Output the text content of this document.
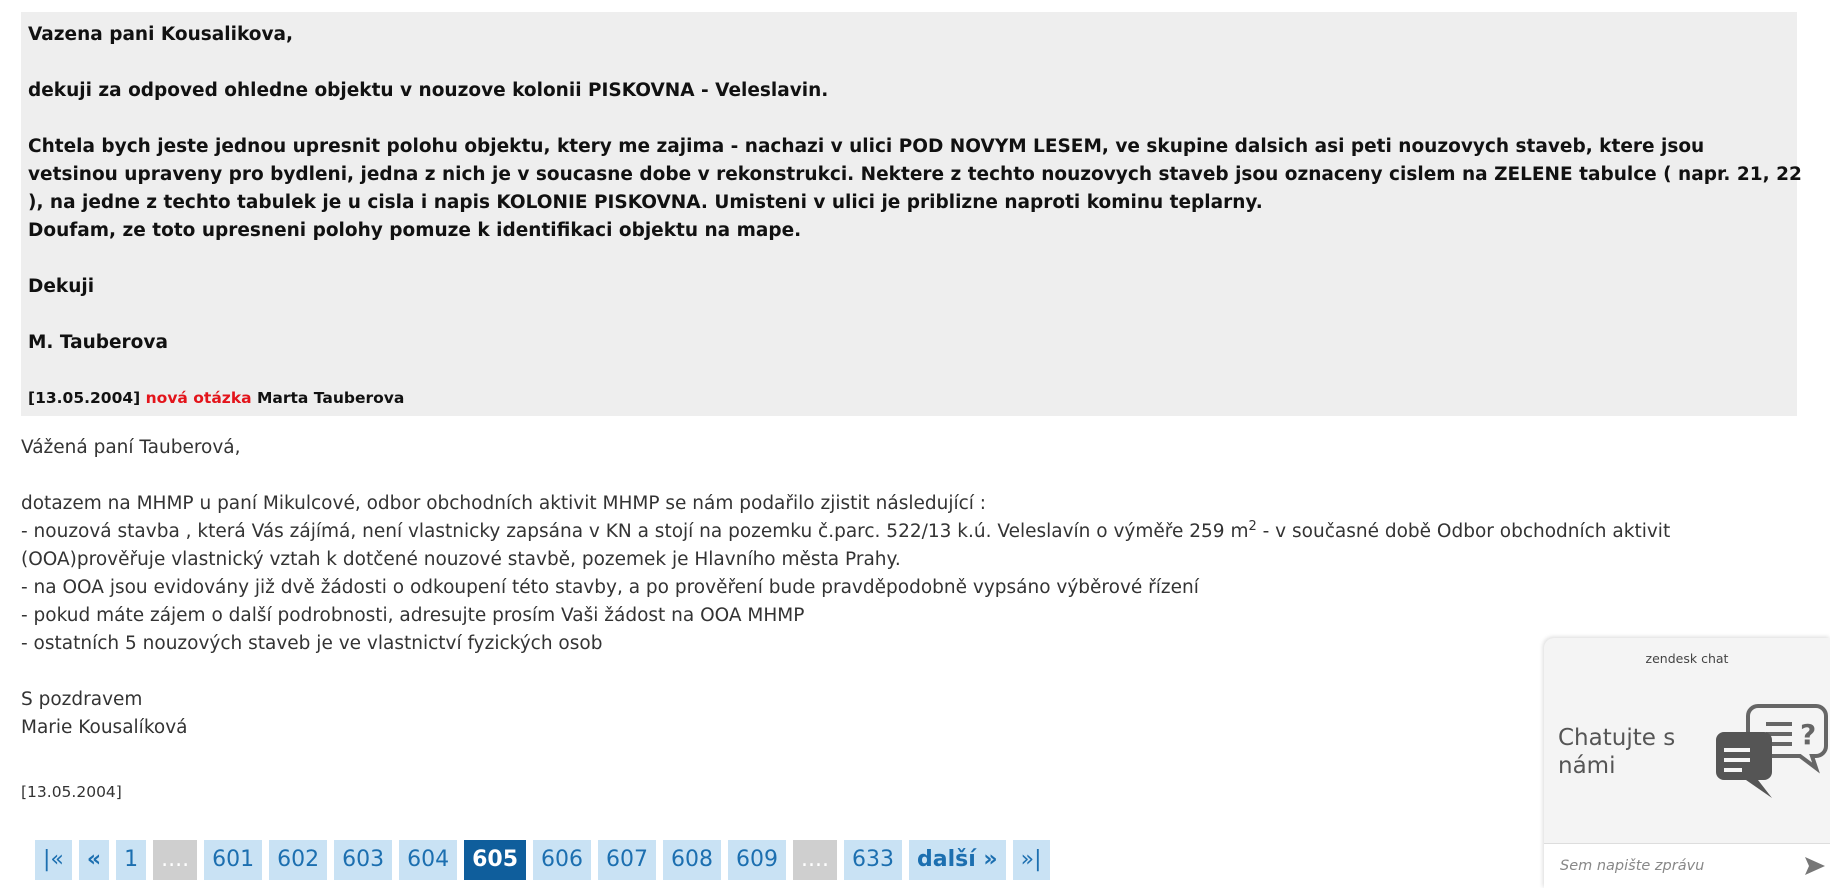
Vazena pani Kousalikova,
dekuji za odpoved ohledne objektu v nouzove kolonii PISKOVNA - Veleslavin.
Chtela bych jeste jednou upresnit polohu objektu, ktery me zajima - nachazi v ulici POD NOVYM LESEM, ve skupine dalsich asi peti nouzovych staveb, ktere jsou
vetsinou upraveny pro bydleni, jedna z nich je v soucasne dobe v rekonstrukci. Nektere z techto nouzovych staveb jsou oznaceny cislem na ZELENE tabulce ( napr. 21, 22
), na jedne z techto tabulek je u cisla i napis KOLONIE PISKOVNA. Umisteni v ulici je priblizne naproti kominu teplarny.
Doufam, ze toto upresneni polohy pomuze k identifikaci objektu na mape.
Dekuji
M. Tauberova
[13.05.2004] nová otázka Marta Tauberova
Vážená paní Tauberová,
dotazem na MHMP u paní Mikulcové, odbor obchodních aktivit MHMP se nám podařilo zjistit následující :
- nouzová stavba , která Vás zájímá, není vlastnicky zapsána v KN a stojí na pozemku č.parc. 522/13 k.ú. Veleslavín o výměře 259 $m^2$ - v současné době Odbor obchodních aktivit
(OOA)prověřuje vlastnický vztah k dotčené nouzové stavbě, pozemek je Hlavního města Prahy.
- na OOA jsou evidovány již dvě žádosti o odkoupení této stavby, a po prověření bude pravděpodobně vypsáno výběrové řízení
- pokud máte zájem o další podrobnosti, adresujte prosím Vaši žádost na OOA MHMP
- ostatních 5 nouzových staveb je ve vlastnictví fyzických osob
S pozdravem
Marie Kousalíková
[13.05.2004]
|«	«	1	....	601	602	603	604	605	606	607	608	609	....	633	další »	»|
zendesk chat
Chatujte s
námi
?
Sem napište zprávu
